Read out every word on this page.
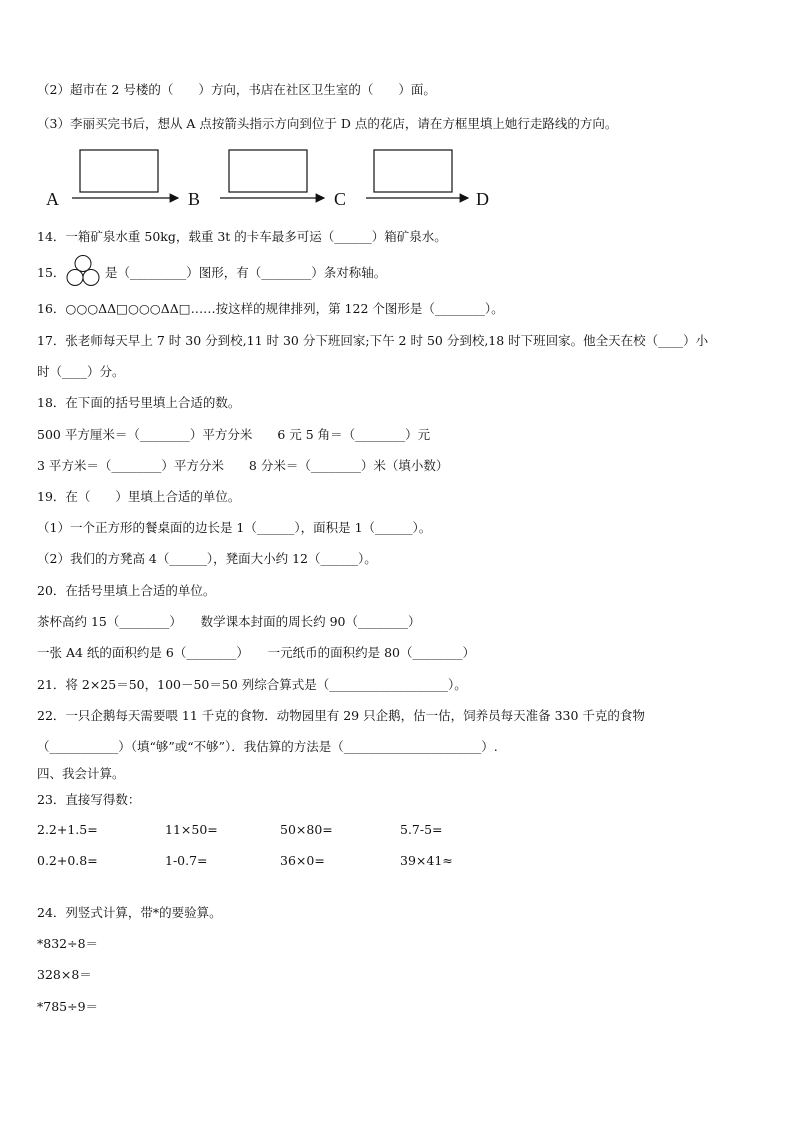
（2）超市在 2 号楼的（　　）方向，书店在社区卫生室的（　　）面。
（3）李丽买完书后，想从 A 点按箭头指示方向到位于 D 点的花店，请在方框里填上她行走路线的方向。
A	B	C	D
14．一箱矿泉水重 50kg，载重 3t 的卡车最多可运（______）箱矿泉水。
15．	是（_________）图形，有（________）条对称轴。
16．○○○ΔΔ□○○○ΔΔ□……按这样的规律排列，第 122 个图形是（________）。
17．张老师每天早上 7 时 30 分到校,11 时 30 分下班回家;下午 2 时 50 分到校,18 时下班回家。他全天在校（____）小
时（____）分。
18．在下面的括号里填上合适的数。
500 平方厘米＝（________）平方分米　　6 元 5 角＝（________）元
3 平方米＝（________）平方分米　　8 分米＝（________）米（填小数）
19．在（　　）里填上合适的单位。
（1）一个正方形的餐桌面的边长是 1（______），面积是 1（______）。
（2）我们的方凳高 4（______），凳面大小约 12（______）。
20．在括号里填上合适的单位。
茶杯高约 15（________）　　数学课本封面的周长约 90（________）
一张 A4 纸的面积约是 6（________）　　一元纸币的面积约是 80（________）
21．将 2×25＝50，100－50＝50 列综合算式是（___________________）。
22．一只企鹅每天需要喂 11 千克的食物．动物园里有 29 只企鹅，估一估，饲养员每天准备 330 千克的食物
（___________）（填“够”或“不够”）．我估算的方法是（______________________）.
四、我会计算。
23．直接写得数：
2.2+1.5=	11×50=	50×80=	5.7-5=
0.2+0.8=	1-0.7=	36×0=	39×41≈
24．列竖式计算，带*的要验算。
*832÷8＝
328×8＝
*785÷9＝
